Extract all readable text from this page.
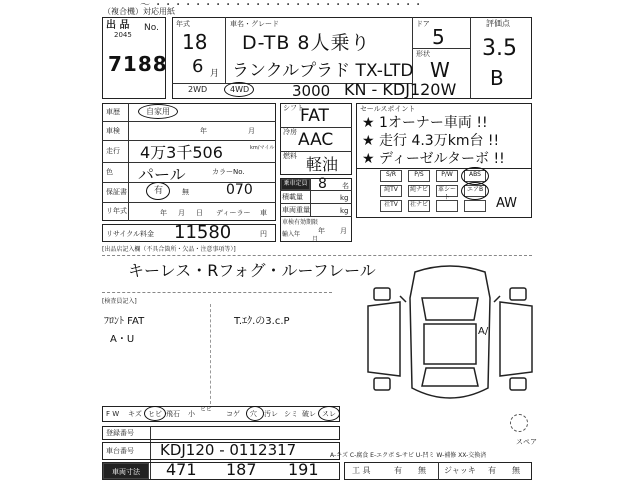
〜 ・・・・・・・・・・・・・・・・・・・・・・・・・・・
（複合機）対応用紙
出 品 No.
2045
7188
年式
18
6 月
車名・グレード
D-TB 8人乗り
ランクルプラド TX-LTD
ドア
5
形状
W
評価点
3.5
B
2WD	4WD	3000 KN - KDJ120W
車歴	自家用
車検	年	月
走行 4万3千506	km/マイル
色 パール	カラーNo.
保証書	有	無	070
リ年式	年 月 日 ディーラー 車
リサイクル料金 11580	円
シフト
FAT
冷房 AAC
燃料 軽油
乗車定員 8 名
積載量	kg
車両重量	kg
車検有効期限
年 月
輸入年
月
セールスポイント
★ 1オーナー車両 !!
★ 走行 4.3万km台 !!
★ ディーゼルターボ !!
S/R	P/S	P/W	ABS
純TV	純ナビ	革シート
エアB
社TV	社ナビ	AW
[出品店記入欄（不具合箇所・欠品・注意事項等）]
キーレス・Rフォグ・ルーフレール
[検査員記入]
ﾌﾛﾝﾄ FAT
A・U
T.ｴｸ.の3.c.P
A/
スペア
F W キズ ヒビ 飛石 小
ヒビ
コゲ 穴 汚レ シミ 破レ スレ
登録番号
車台番号 KDJ120 - 0112317
車両寸法	471 187 191
A-キズ C-腐食 E-エクボ S-サビ U-凹ミ W-補修 XX-交換済
工 具	有 無 ジャッキ 有 無
